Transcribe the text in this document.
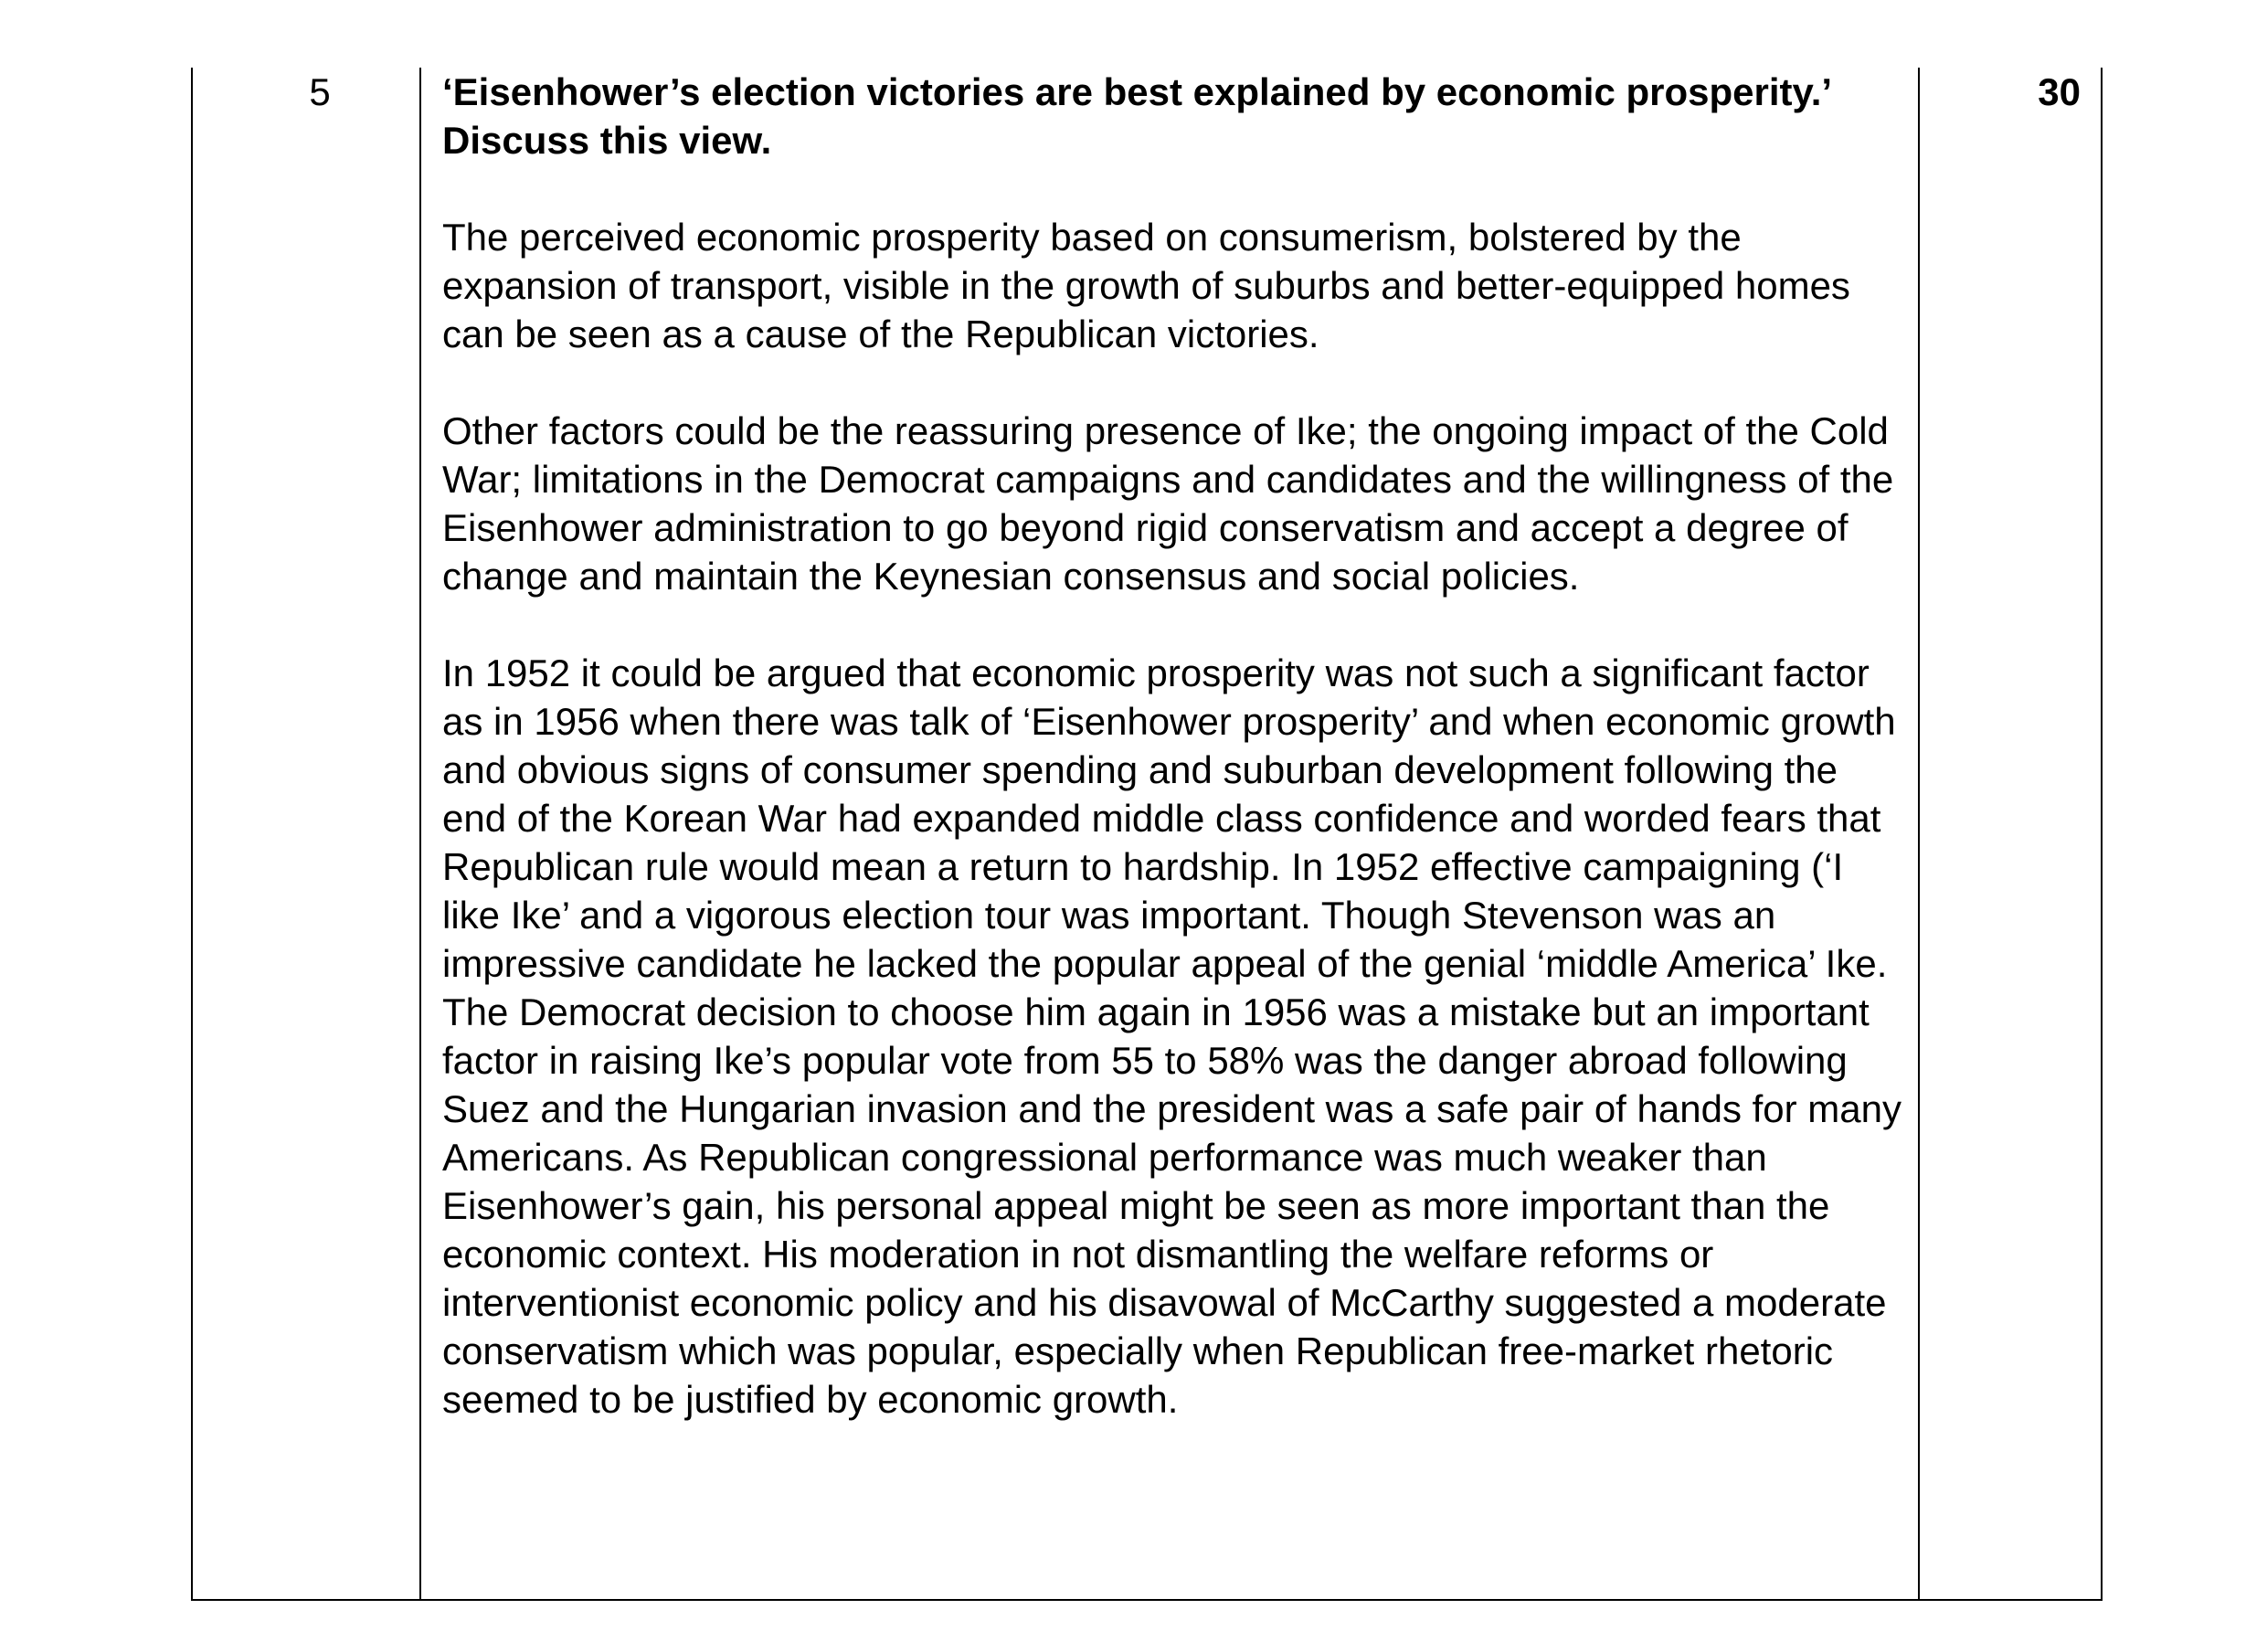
5	‘Eisenhower’s election victories are best explained by economic prosperity.’ Discuss this view.

The perceived economic prosperity based on consumerism, bolstered by the expansion of transport, visible in the growth of suburbs and better-equipped homes can be seen as a cause of the Republican victories.

Other factors could be the reassuring presence of Ike; the ongoing impact of the Cold War; limitations in the Democrat campaigns and candidates and the willingness of the Eisenhower administration to go beyond rigid conservatism and accept a degree of change and maintain the Keynesian consensus and social policies.

In 1952 it could be argued that economic prosperity was not such a significant factor as in 1956 when there was talk of ‘Eisenhower prosperity’ and when economic growth and obvious signs of consumer spending and suburban development following the end of the Korean War had expanded middle class confidence and worded fears that Republican rule would mean a return to hardship. In 1952 effective campaigning (‘I like Ike’ and a vigorous election tour was important. Though Stevenson was an impressive candidate he lacked the popular appeal of the genial ‘middle America’ Ike. The Democrat decision to choose him again in 1956 was a mistake but an important factor in raising Ike’s popular vote from 55 to 58% was the danger abroad following Suez and the Hungarian invasion and the president was a safe pair of hands for many Americans. As Republican congressional performance was much weaker than Eisenhower’s gain, his personal appeal might be seen as more important than the economic context. His moderation in not dismantling the welfare reforms or interventionist economic policy and his disavowal of McCarthy suggested a moderate conservatism which was popular, especially when Republican free-market rhetoric seemed to be justified by economic growth.

30
